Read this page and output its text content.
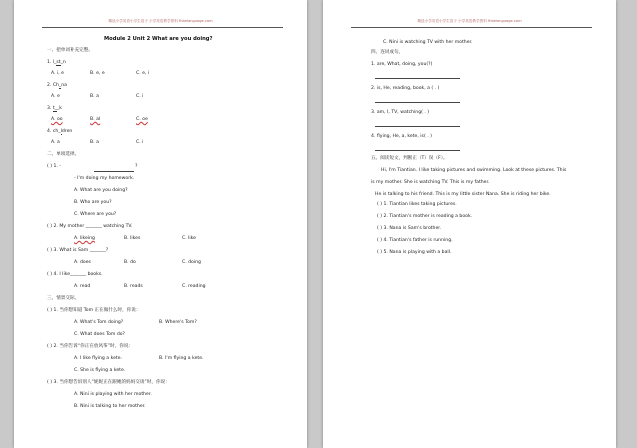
精选小学英语小学生卷子 小学英语教学资料 fhbelanguage.com
Module 2 Unit 2 What are you doing?
一、把单词补充完整。
1. l_st_n
A. i, e	B. e, e	C. e, i
2. Ch_na
A. e	B. a	C. i
3. t__k
A. oo	B. al	C. oe
4. ch_ldren
A. a	B. a	C. i
二、单项选择。
( ) 1. -	?
- I'm doing my homework.
A. What are you doing?
B. Who are you?
C. Where are you?
( ) 2. My mother _______ watching TV.
A. likeing	B. likes	C. like
( ) 3. What is Sam _______?
A. does	B. do	C. doing
( ) 4. I like_______ books.
A. read	B. reads	C. reading
三、情景交际。
( ) 1. 当你想知道 Tom 正在做什么时，你说：
A. What's Tom doing?	B. Where's Tom?
C. What does Tom do?
( ) 2. 当你告诉“你正在放风筝”时，你说：
A. I like flying a kete.	B. I'm flying a kete.
C. She is flying a kete.
( ) 3. 当你想告诉别人“妮妮正在跟她的妈妈交谈”时，你说：
A. Nini is playing with her mother.
B. Nini is talking to her mother.
精选小学英语小学生卷子 小学英语教学资料 fhbelanguage.com
C. Nini is watching TV with her mother.
四、连词成句。
1. are, What, doing, you(?)
2. is, He, reading, book, a ( . )
3. am, I, TV, watching( . )
4. flying, He, a, kete, is( . )
五、阅读短文，判断正（T）误（F）。
Hi, I'm Tiantian. I like taking pictures and swimming. Look at these pictures. This
is my mother. She is watching TV. This is my father.
He is talking to his friend. This is my little sister Nana. She is riding her bike.
( ) 1. Tiantian likes taking pictures.
( ) 2. Tiantian's mother is reading a book.
( ) 3. Nana is Sam's brother.
( ) 4. Tiantian's father is running.
( ) 5. Nana is playing with a ball.
